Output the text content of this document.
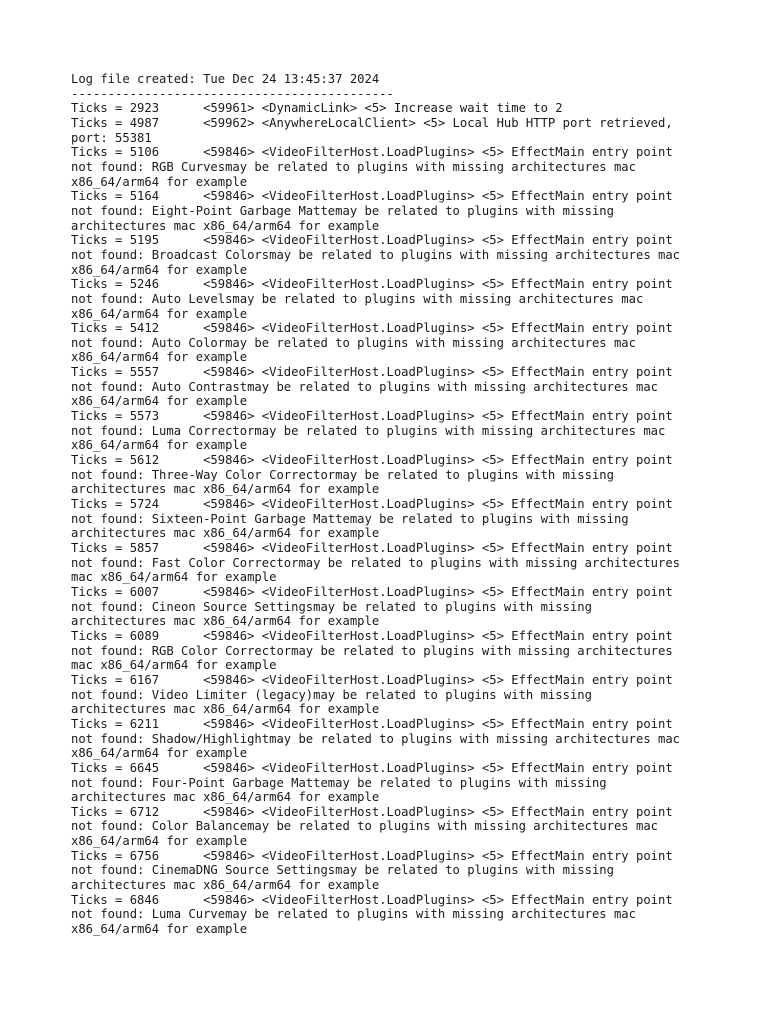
Log file created: Tue Dec 24 13:45:37 2024
--------------------------------------------
Ticks = 2923      <59961> <DynamicLink> <5> Increase wait time to 2
Ticks = 4987      <59962> <AnywhereLocalClient> <5> Local Hub HTTP port retrieved,
port: 55381
Ticks = 5106      <59846> <VideoFilterHost.LoadPlugins> <5> EffectMain entry point
not found: RGB Curvesmay be related to plugins with missing architectures mac
x86_64/arm64 for example
Ticks = 5164      <59846> <VideoFilterHost.LoadPlugins> <5> EffectMain entry point
not found: Eight-Point Garbage Mattemay be related to plugins with missing
architectures mac x86_64/arm64 for example
Ticks = 5195      <59846> <VideoFilterHost.LoadPlugins> <5> EffectMain entry point
not found: Broadcast Colorsmay be related to plugins with missing architectures mac
x86_64/arm64 for example
Ticks = 5246      <59846> <VideoFilterHost.LoadPlugins> <5> EffectMain entry point
not found: Auto Levelsmay be related to plugins with missing architectures mac
x86_64/arm64 for example
Ticks = 5412      <59846> <VideoFilterHost.LoadPlugins> <5> EffectMain entry point
not found: Auto Colormay be related to plugins with missing architectures mac
x86_64/arm64 for example
Ticks = 5557      <59846> <VideoFilterHost.LoadPlugins> <5> EffectMain entry point
not found: Auto Contrastmay be related to plugins with missing architectures mac
x86_64/arm64 for example
Ticks = 5573      <59846> <VideoFilterHost.LoadPlugins> <5> EffectMain entry point
not found: Luma Correctormay be related to plugins with missing architectures mac
x86_64/arm64 for example
Ticks = 5612      <59846> <VideoFilterHost.LoadPlugins> <5> EffectMain entry point
not found: Three-Way Color Correctormay be related to plugins with missing
architectures mac x86_64/arm64 for example
Ticks = 5724      <59846> <VideoFilterHost.LoadPlugins> <5> EffectMain entry point
not found: Sixteen-Point Garbage Mattemay be related to plugins with missing
architectures mac x86_64/arm64 for example
Ticks = 5857      <59846> <VideoFilterHost.LoadPlugins> <5> EffectMain entry point
not found: Fast Color Correctormay be related to plugins with missing architectures
mac x86_64/arm64 for example
Ticks = 6007      <59846> <VideoFilterHost.LoadPlugins> <5> EffectMain entry point
not found: Cineon Source Settingsmay be related to plugins with missing
architectures mac x86_64/arm64 for example
Ticks = 6089      <59846> <VideoFilterHost.LoadPlugins> <5> EffectMain entry point
not found: RGB Color Correctormay be related to plugins with missing architectures
mac x86_64/arm64 for example
Ticks = 6167      <59846> <VideoFilterHost.LoadPlugins> <5> EffectMain entry point
not found: Video Limiter (legacy)may be related to plugins with missing
architectures mac x86_64/arm64 for example
Ticks = 6211      <59846> <VideoFilterHost.LoadPlugins> <5> EffectMain entry point
not found: Shadow/Highlightmay be related to plugins with missing architectures mac
x86_64/arm64 for example
Ticks = 6645      <59846> <VideoFilterHost.LoadPlugins> <5> EffectMain entry point
not found: Four-Point Garbage Mattemay be related to plugins with missing
architectures mac x86_64/arm64 for example
Ticks = 6712      <59846> <VideoFilterHost.LoadPlugins> <5> EffectMain entry point
not found: Color Balancemay be related to plugins with missing architectures mac
x86_64/arm64 for example
Ticks = 6756      <59846> <VideoFilterHost.LoadPlugins> <5> EffectMain entry point
not found: CinemaDNG Source Settingsmay be related to plugins with missing
architectures mac x86_64/arm64 for example
Ticks = 6846      <59846> <VideoFilterHost.LoadPlugins> <5> EffectMain entry point
not found: Luma Curvemay be related to plugins with missing architectures mac
x86_64/arm64 for example
